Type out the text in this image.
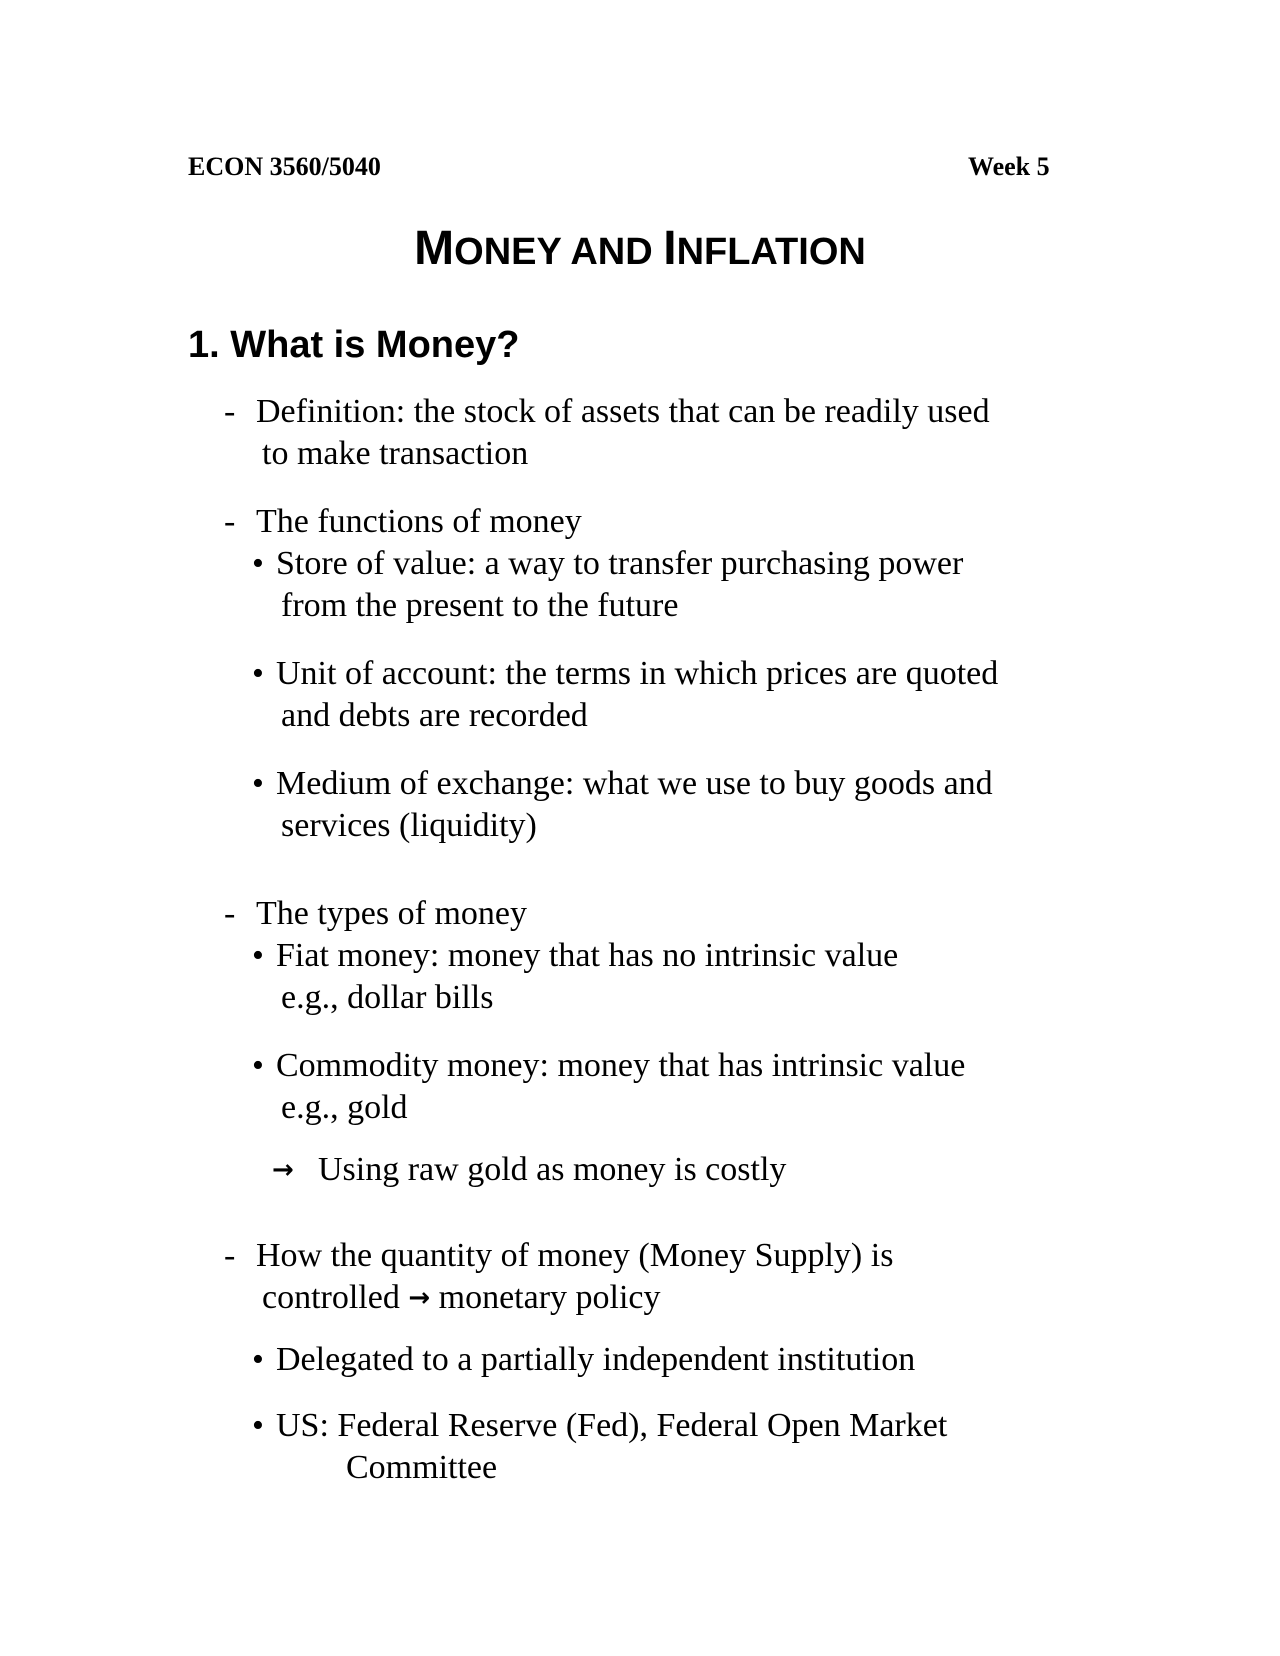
ECON 3560/5040	Week 5
MONEY AND INFLATION
1. What is Money?
- Definition: the stock of assets that can be readily used
to make transaction
- The functions of money
• Store of value: a way to transfer purchasing power
from the present to the future
• Unit of account: the terms in which prices are quoted
and debts are recorded
• Medium of exchange: what we use to buy goods and
services (liquidity)
- The types of money
• Fiat money: money that has no intrinsic value
e.g., dollar bills
• Commodity money: money that has intrinsic value
e.g., gold
→ Using raw gold as money is costly
- How the quantity of money (Money Supply) is
controlled → monetary policy
• Delegated to a partially independent institution
• US: Federal Reserve (Fed), Federal Open Market
Committee
